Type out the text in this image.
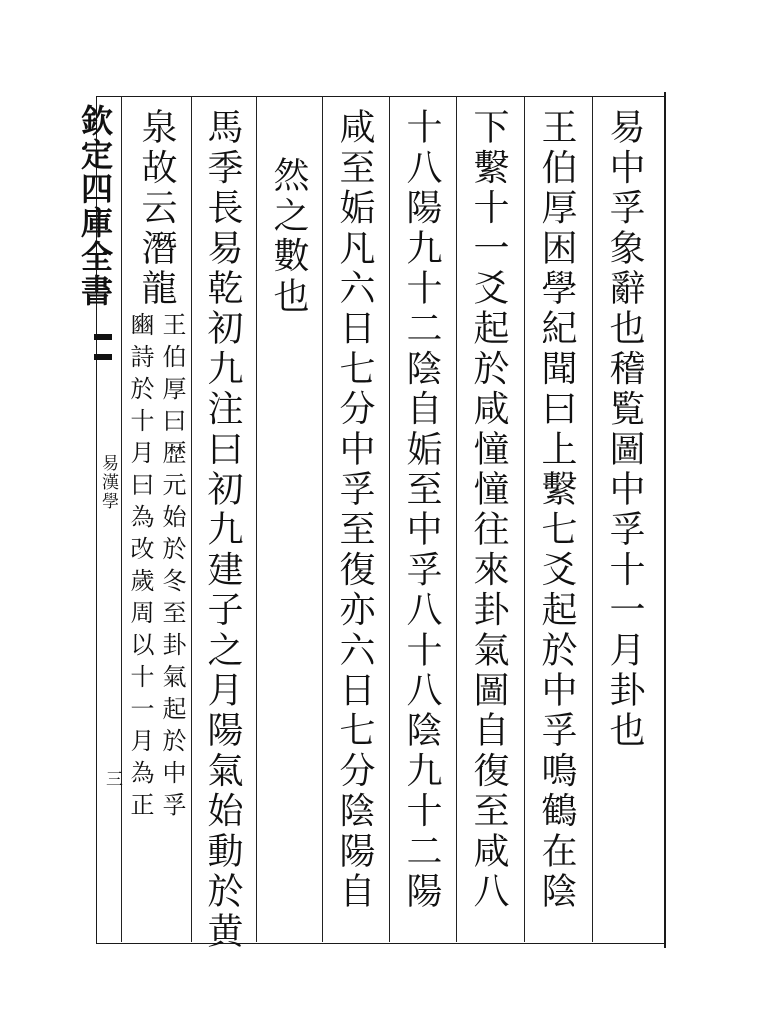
欽定四庫全書
易漢學
三
易中孚象辭也稽覧圖中孚十一月卦也
王伯厚困學紀聞曰上繫七爻起於中孚鳴鶴在陰
下繫十一爻起於咸憧憧往來卦氣圖自復至咸八
十八陽九十二陰自姤至中孚八十八陰九十二陽
咸至姤凡六日七分中孚至復亦六日七分陰陽自
然之數也
馬季長易乾初九注曰初九建子之月陽氣始動於黄
泉故云潛龍
王伯厚曰歴元始於冬至卦氣起於中孚
豳詩於十月曰為改歲周以十一月為正
